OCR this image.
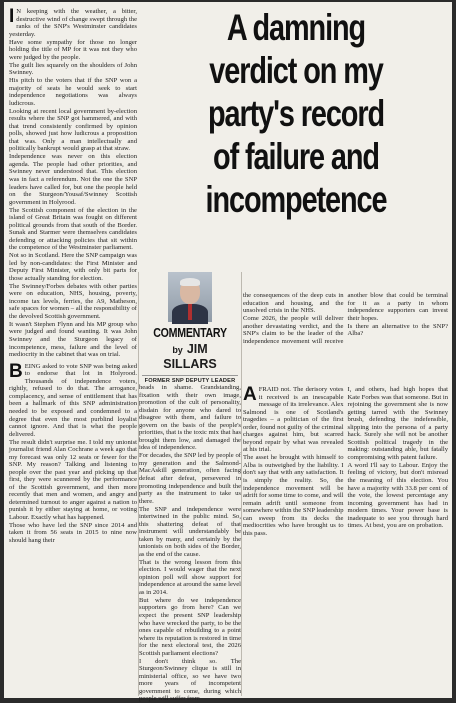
I N keeping with the weather, a bitter, destructive wind of change swept through the ranks of the SNP's Westminster candidates yesterday.

Have some sympathy for those no longer holding the title of MP for it was not they who were judged by the people.

The guilt lies squarely on the shoulders of John Swinney.

His pitch to the voters that if the SNP won a majority of seats he would seek to start independence negotiations was always ludicrous.

Looking at recent local government by-election results where the SNP got hammered, and with that trend consistently confirmed by opinion polls, showed just how ludicrous a proposition that was. Only a man intellectually and politically bankrupt would grasp at that straw.

Independence was never on this election agenda. The people had other priorities, and Swinney never understood that. This election was in fact a referendum. Not the one the SNP leaders have called for, but one the people held on the Sturgeon/Yousaf/Swinney Scottish government in Holyrood.

The Scottish component of the election in the island of Great Britain was fought on different political grounds from that south of the Border. Sunak and Starmer were themselves candidates defending or attacking policies that sit within the competence of the Westminster parliament.

Not so in Scotland. Here the SNP campaign was led by non-candidates: the First Minister and Deputy First Minister, with only bit parts for those actually standing for election.

The Swinney/Forbes debates with other parties were on education, NHS, housing, poverty, income tax levels, ferries, the A9, Matheson, safe spaces for women – all the responsibility of the devolved Scottish government.

It wasn't Stephen Flynn and his MP group who were judged and found wanting. It was John Swinney and the Sturgeon legacy of incompetence, mess, failure and the level of mediocrity in the cabinet that was on trial.

BEING asked to vote SNP was being asked to endorse that lot in Holyrood. Thousands of independence voters, rightly, refused to do that. The arrogance, complacency, and sense of entitlement that has been a hallmark of this SNP administration needed to be exposed and condemned to a degree that even the most purblind loyalist cannot ignore. And that is what the people delivered.

The result didn't surprise me. I told my unionist journalist friend Alan Cochrane a week ago that my forecast was only 12 seats or fewer for the SNP. My reason? Talking and listening to people over the past year and picking up that first, they were scunnered by the performance of the Scottish government, and then more recently that men and women, and angry and determined turnout to anger against a nation to punish it by either staying at home, or voting Labour. Exactly what has happened.

Those who have led the SNP since 2014 and taken it from 56 seats in 2015 to nine now should hang their

A damning
verdict on my
party's record
of failure and
incompetence
COMMENTARY
by JIM
SILLARS
FORMER SNP DEPUTY LEADER

heads in shame. Grandstanding, fixation with their own image, promotion of the cult of personality, disdain for anyone who dared to disagree with them, and failure to govern on the basis of the people's priorities, that is the toxic mix that has brought them low, and damaged the idea of independence.

For decades, the SNP led by people of my generation and the Salmond-MacAskill generation, often facing defeat after defeat, persevered in promoting independence and built the party as the instrument to take us there.

The SNP and independence were intertwined in the public mind. So, this shattering defeat of that instrument will understandably be taken by many, and certainly by the unionists on both sides of the Border, as the end of the cause.

That is the wrong lesson from this election. I would wager that the next opinion poll will show support for independence at around the same level as in 2014.

But where do we independence supporters go from here? Can we expect the present SNP leadership who have wrecked the party, to be the ones capable of rebuilding to a point where its reputation is restored in time for the next electoral test, the 2026 Scottish parliament elections?

I don't think so. The Sturgeon/Swinney clique is still in ministerial office, so we have two more years of incompetent government to come, during which people will suffer from

the consequences of the deep cuts in education and housing, and the unsolved crisis in the NHS.

Come 2026, the people will deliver another devastating verdict, and the SNP's claim to be the leader of the independence movement will receive another blow that could be terminal for it as a party in whom independence supporters can invest their hopes.

Is there an alternative to the SNP? Alba?

AFRAID not. The derisory votes it received is an inescapable message of its irrelevance. Alex Salmond is one of Scotland's tragedies – a politician of the first order, found not guilty of the criminal charges against him, but scarred beyond repair by what was revealed at his trial.

The asset he brought with himself to Alba is outweighed by the liability. I don't say that with any satisfaction. It is simply the reality. So, the independence movement will be adrift for some time to come, and will remain adrift until someone from somewhere within the SNP leadership can sweep from its decks the mediocrities who have brought us to this pass.

I, and others, had high hopes that Kate Forbes was that someone. But in rejoining the government she is now getting tarred with the Swinney brush, defending the indefensible, slipping into the persona of a party hack. Surely she will not be another Scottish political tragedy in the making: outstanding able, but fatally compromising with patent failure.

A word I'll say to Labour. Enjoy the feeling of victory, but don't misread the meaning of this election. You have a majority with 33.8 per cent of the vote, the lowest percentage any incoming government has had in modern times. Your power base is inadequate to see you through hard times. At best, you are on probation.
